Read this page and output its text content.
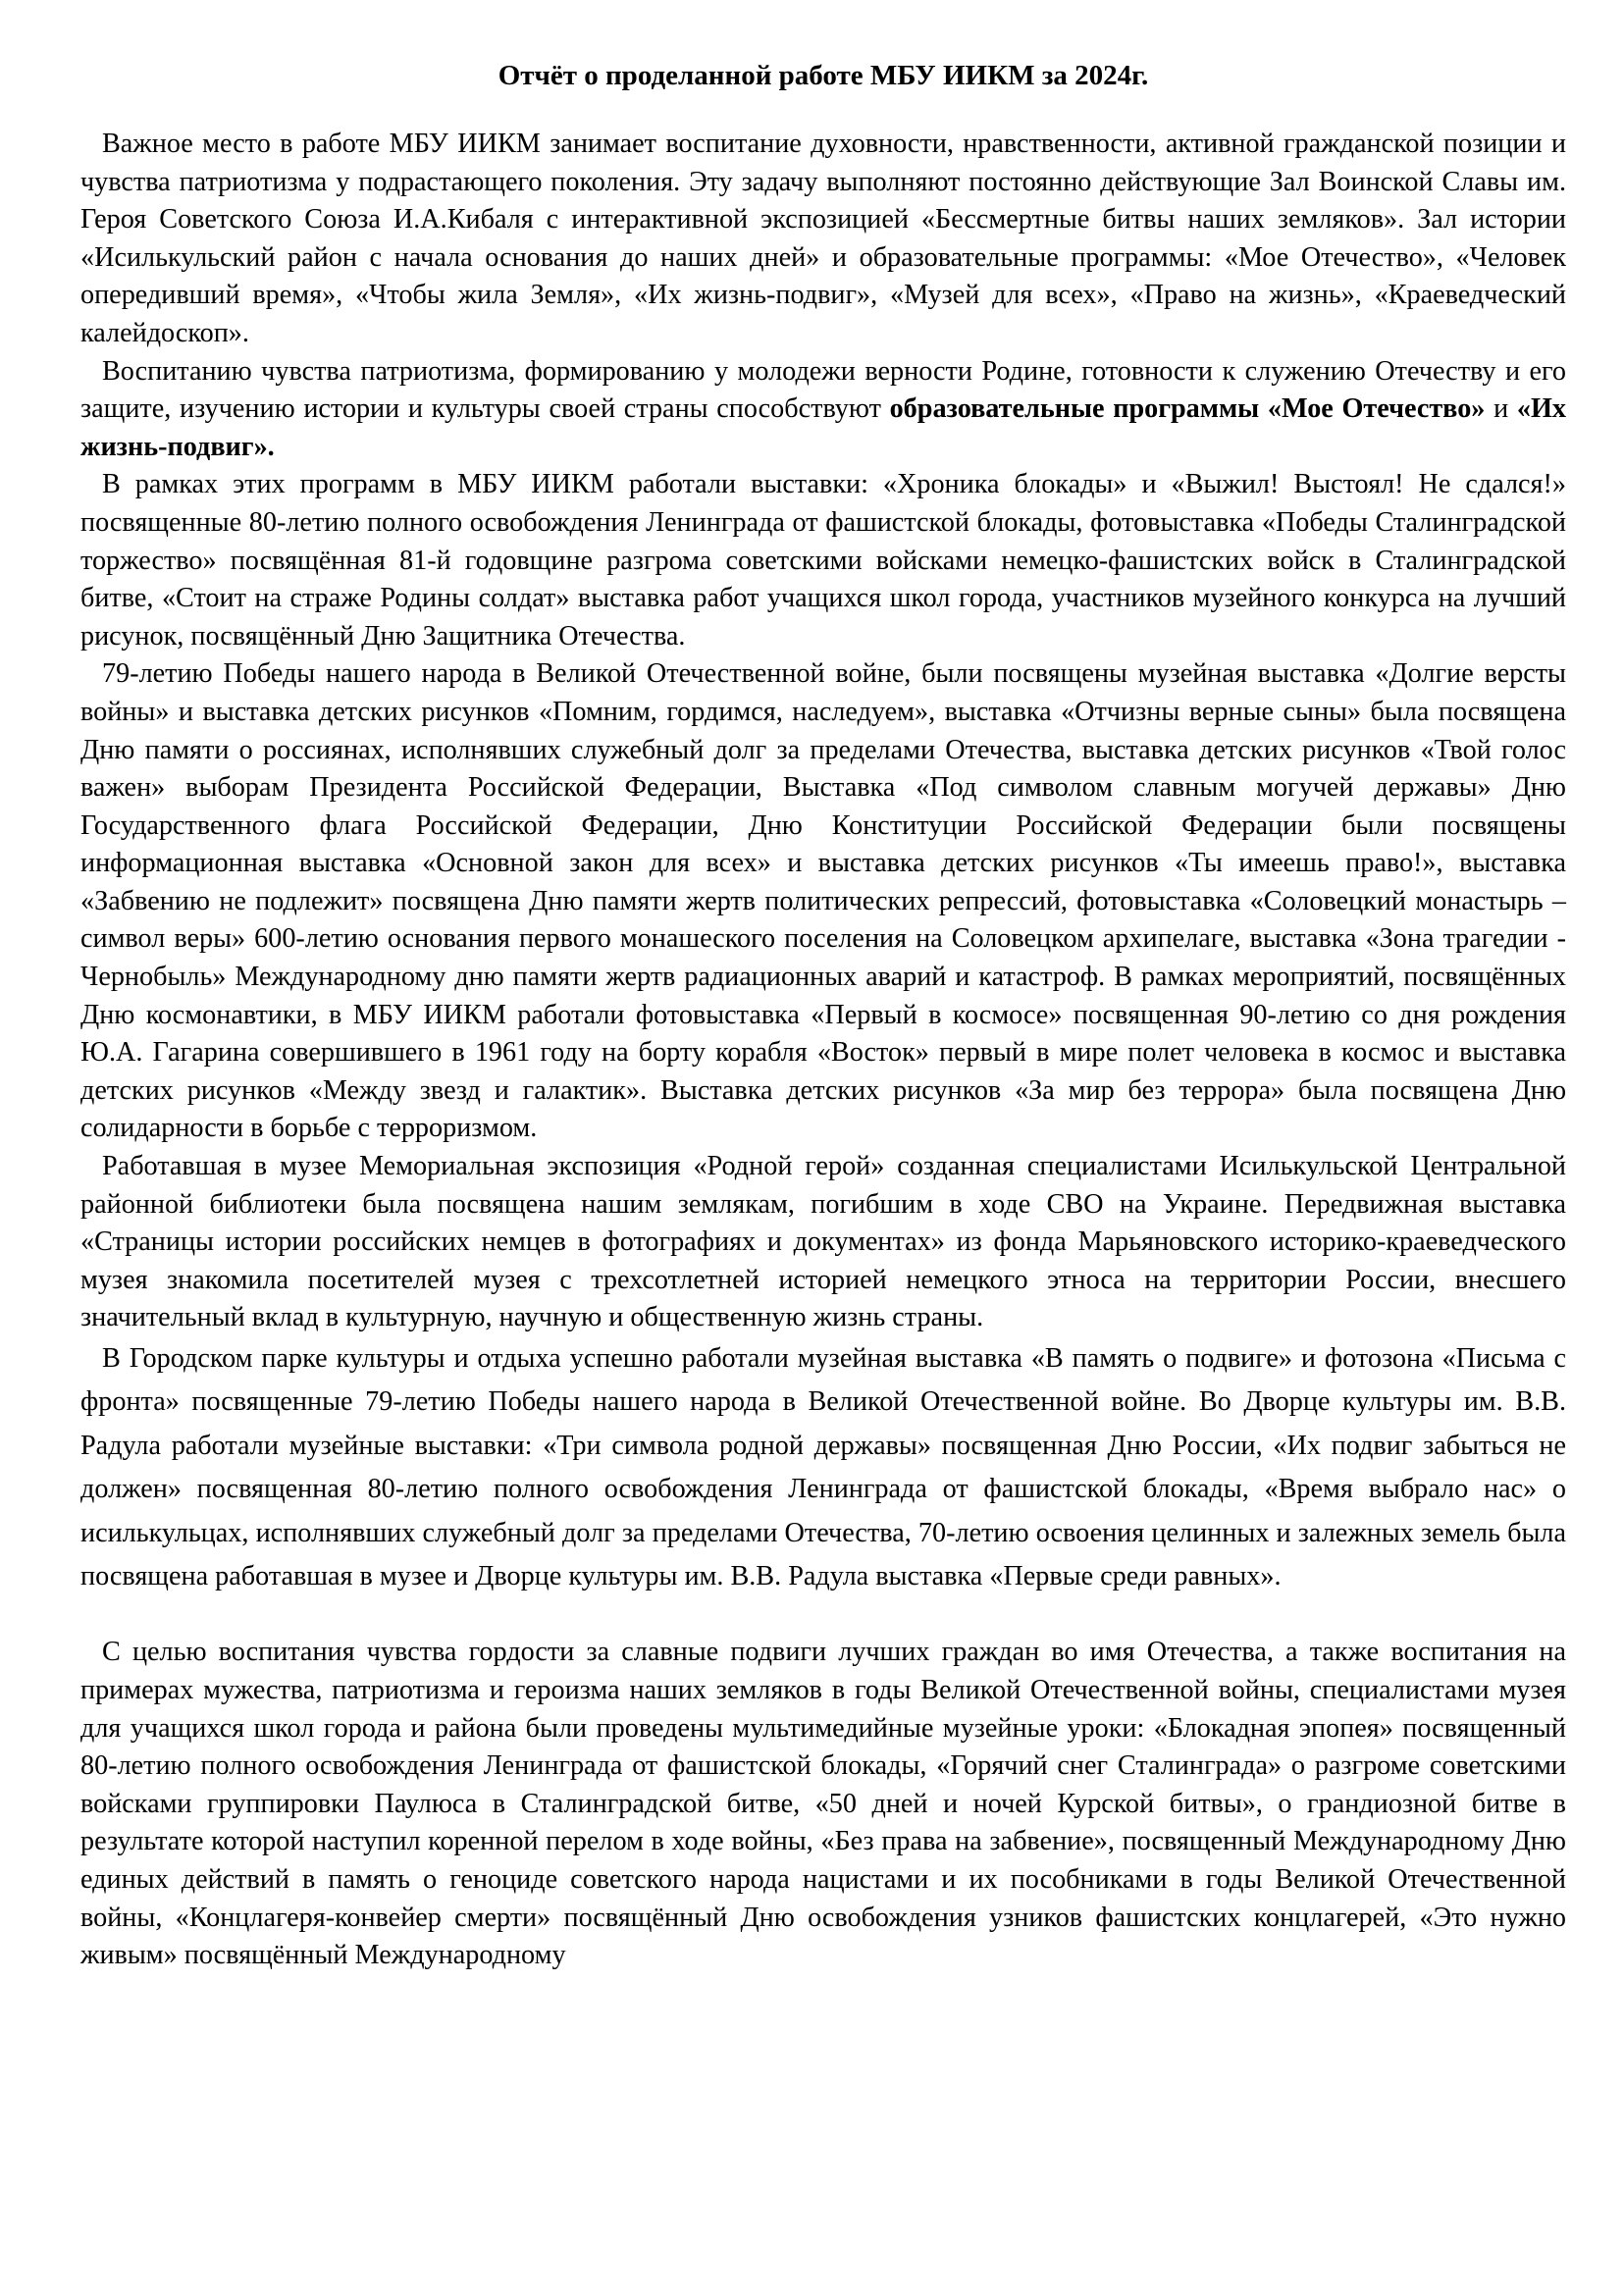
Отчёт о проделанной работе МБУ ИИКМ за 2024г.

Важное место в работе МБУ ИИКМ занимает воспитание духовности, нравственности, активной гражданской позиции и чувства патриотизма у подрастающего поколения. Эту задачу выполняют постоянно действующие Зал Воинской Славы им. Героя Советского Союза И.А.Кибаля с интерактивной экспозицией «Бессмертные битвы наших земляков». Зал истории «Исилькульский район с начала основания до наших дней» и образовательные программы: «Мое Отечество», «Человек опередивший время», «Чтобы жила Земля», «Их жизнь-подвиг», «Музей для всех», «Право на жизнь», «Краеведческий калейдоскоп».

Воспитанию чувства патриотизма, формированию у молодежи верности Родине, готовности к служению Отечеству и его защите, изучению истории и культуры своей страны способствуют образовательные программы «Мое Отечество» и «Их жизнь-подвиг».

В рамках этих программ в МБУ ИИКМ работали выставки: «Хроника блокады» и «Выжил! Выстоял! Не сдался!» посвященные 80-летию полного освобождения Ленинграда от фашистской блокады, фотовыставка «Победы Сталинградской торжество» посвящённая 81-й годовщине разгрома советскими войсками немецко-фашистских войск в Сталинградской битве, «Стоит на страже Родины солдат» выставка работ учащихся школ города, участников музейного конкурса на лучший рисунок, посвящённый Дню Защитника Отечества.

79-летию Победы нашего народа в Великой Отечественной войне, были посвящены музейная выставка «Долгие версты войны» и выставка детских рисунков «Помним, гордимся, наследуем», выставка «Отчизны верные сыны» была посвящена Дню памяти о россиянах, исполнявших служебный долг за пределами Отечества, выставка детских рисунков «Твой голос важен» выборам Президента Российской Федерации, Выставка «Под символом славным могучей державы» Дню Государственного флага Российской Федерации, Дню Конституции Российской Федерации были посвящены информационная выставка «Основной закон для всех» и выставка детских рисунков «Ты имеешь право!», выставка «Забвению не подлежит» посвящена Дню памяти жертв политических репрессий, фотовыставка «Соловецкий монастырь – символ веры» 600-летию основания первого монашеского поселения на Соловецком архипелаге, выставка «Зона трагедии - Чернобыль» Международному дню памяти жертв радиационных аварий и катастроф. В рамках мероприятий, посвящённых Дню космонавтики, в МБУ ИИКМ работали фотовыставка «Первый в космосе» посвященная 90-летию со дня рождения Ю.А. Гагарина совершившего в 1961 году на борту корабля «Восток» первый в мире полет человека в космос и выставка детских рисунков «Между звезд и галактик». Выставка детских рисунков «За мир без террора» была посвящена Дню солидарности в борьбе с терроризмом.

Работавшая в музее Мемориальная экспозиция «Родной герой» созданная специалистами Исилькульской Центральной районной библиотеки была посвящена нашим землякам, погибшим в ходе СВО на Украине. Передвижная выставка «Страницы истории российских немцев в фотографиях и документах» из фонда Марьяновского историко-краеведческого музея знакомила посетителей музея с трехсотлетней историей немецкого этноса на территории России, внесшего значительный вклад в культурную, научную и общественную жизнь страны.

В Городском парке культуры и отдыха успешно работали музейная выставка «В память о подвиге» и фотозона «Письма с фронта» посвященные 79-летию Победы нашего народа в Великой Отечественной войне. Во Дворце культуры им. В.В. Радула работали музейные выставки: «Три символа родной державы» посвященная Дню России, «Их подвиг забыться не должен» посвященная 80-летию полного освобождения Ленинграда от фашистской блокады, «Время выбрало нас» о исилькульцах, исполнявших служебный долг за пределами Отечества, 70-летию освоения целинных и залежных земель была посвящена работавшая в музее и Дворце культуры им. В.В. Радула выставка «Первые среди равных».

С целью воспитания чувства гордости за славные подвиги лучших граждан во имя Отечества, а также воспитания на примерах мужества, патриотизма и героизма наших земляков в годы Великой Отечественной войны, специалистами музея для учащихся школ города и района были проведены мультимедийные музейные уроки: «Блокадная эпопея» посвященный 80-летию полного освобождения Ленинграда от фашистской блокады, «Горячий снег Сталинграда» о разгроме советскими войсками группировки Паулюса в Сталинградской битве, «50 дней и ночей Курской битвы», о грандиозной битве в результате которой наступил коренной перелом в ходе войны, «Без права на забвение», посвященный Международному Дню единых действий в память о геноциде советского народа нацистами и их пособниками в годы Великой Отечественной войны, «Концлагеря-конвейер смерти» посвящённый Дню освобождения узников фашистских концлагерей, «Это нужно живым» посвящённый Международному
